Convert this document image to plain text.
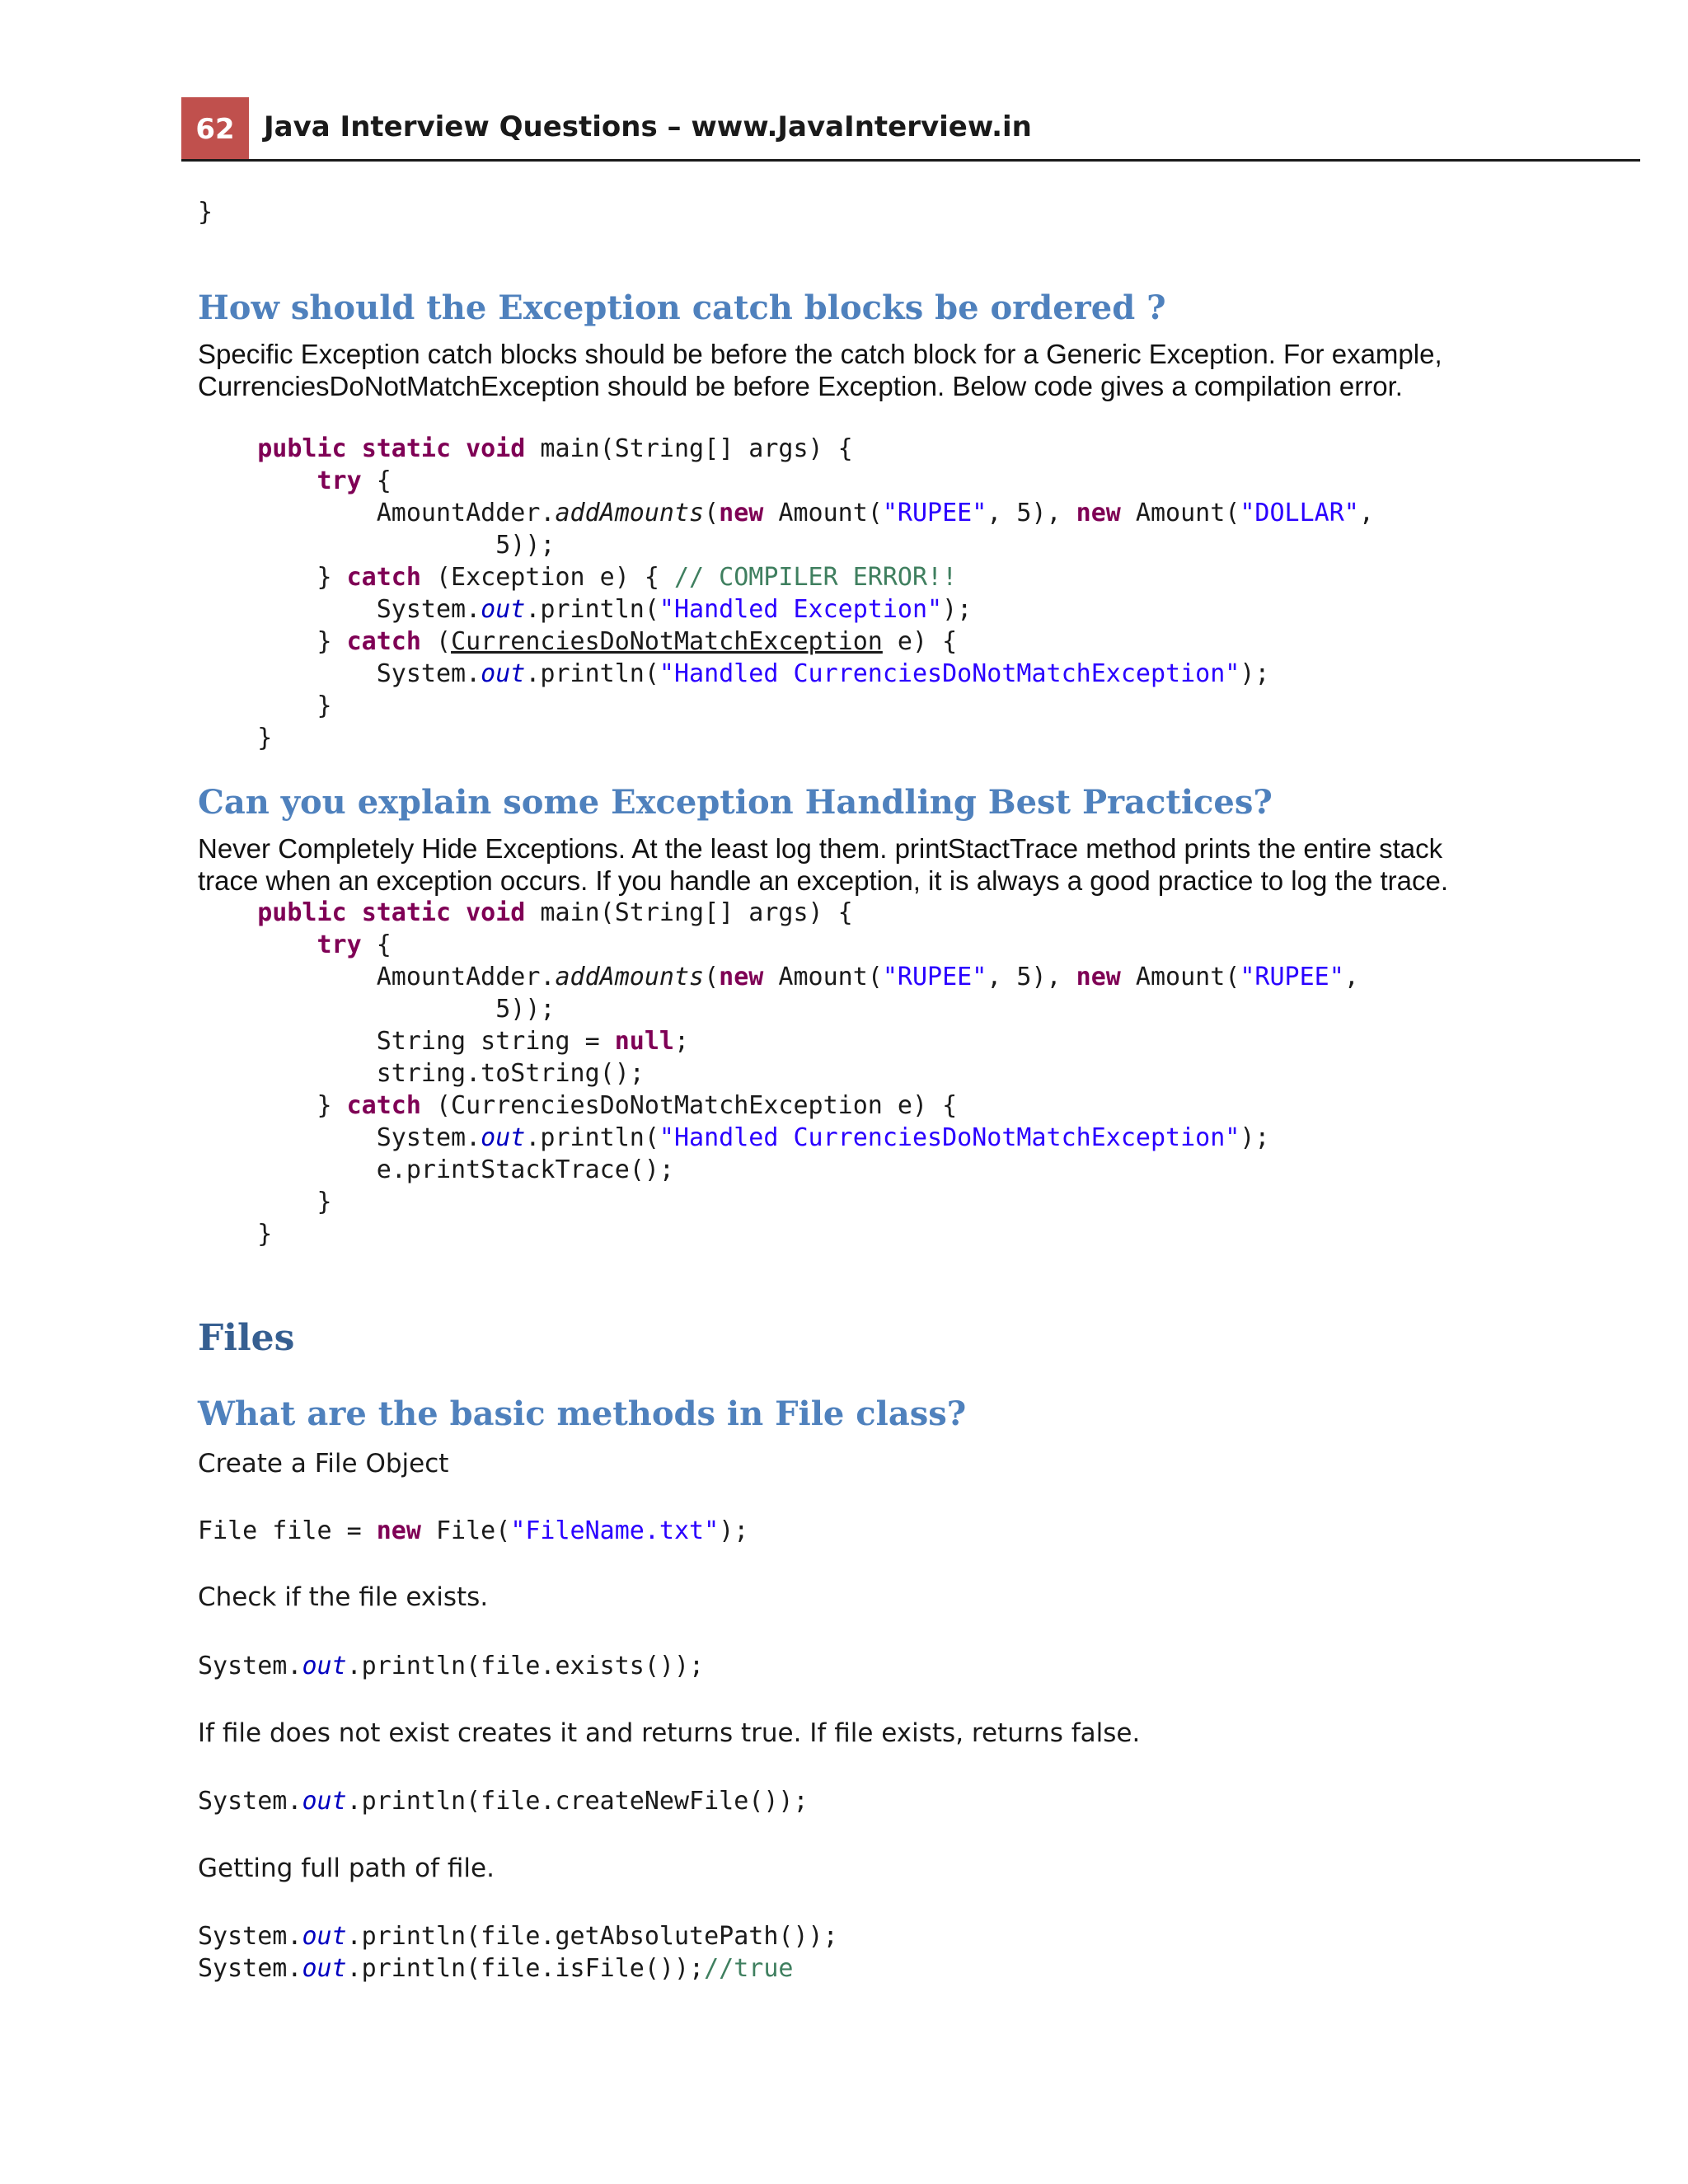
62	Java Interview Questions – www.JavaInterview.in
}
How should the Exception catch blocks be ordered ?

Specific Exception catch blocks should be before the catch block for a Generic Exception. For example, CurrenciesDoNotMatchException should be before Exception. Below code gives a compilation error.

public static void main(String[] args) {
try {
AmountAdder.addAmounts(new Amount("RUPEE", 5), new Amount("DOLLAR",
5));
} catch (Exception e) { // COMPILER ERROR!!
System.out.println("Handled Exception");
} catch (CurrenciesDoNotMatchException e) {
System.out.println("Handled CurrenciesDoNotMatchException");
}
}
Can you explain some Exception Handling Best Practices?

Never Completely Hide Exceptions. At the least log them. printStactTrace method prints the entire stack trace when an exception occurs. If you handle an exception, it is always a good practice to log the trace.

public static void main(String[] args) {
try {
AmountAdder.addAmounts(new Amount("RUPEE", 5), new Amount("RUPEE",
5));
String string = null;
string.toString();
} catch (CurrenciesDoNotMatchException e) {
System.out.println("Handled CurrenciesDoNotMatchException");
e.printStackTrace();
}
}
Files
What are the basic methods in File class?

Create a File Object

File file = new File("FileName.txt");

Check if the file exists.

System.out.println(file.exists());

If file does not exist creates it and returns true. If file exists, returns false.

System.out.println(file.createNewFile());

Getting full path of file.

System.out.println(file.getAbsolutePath());
System.out.println(file.isFile());//true
